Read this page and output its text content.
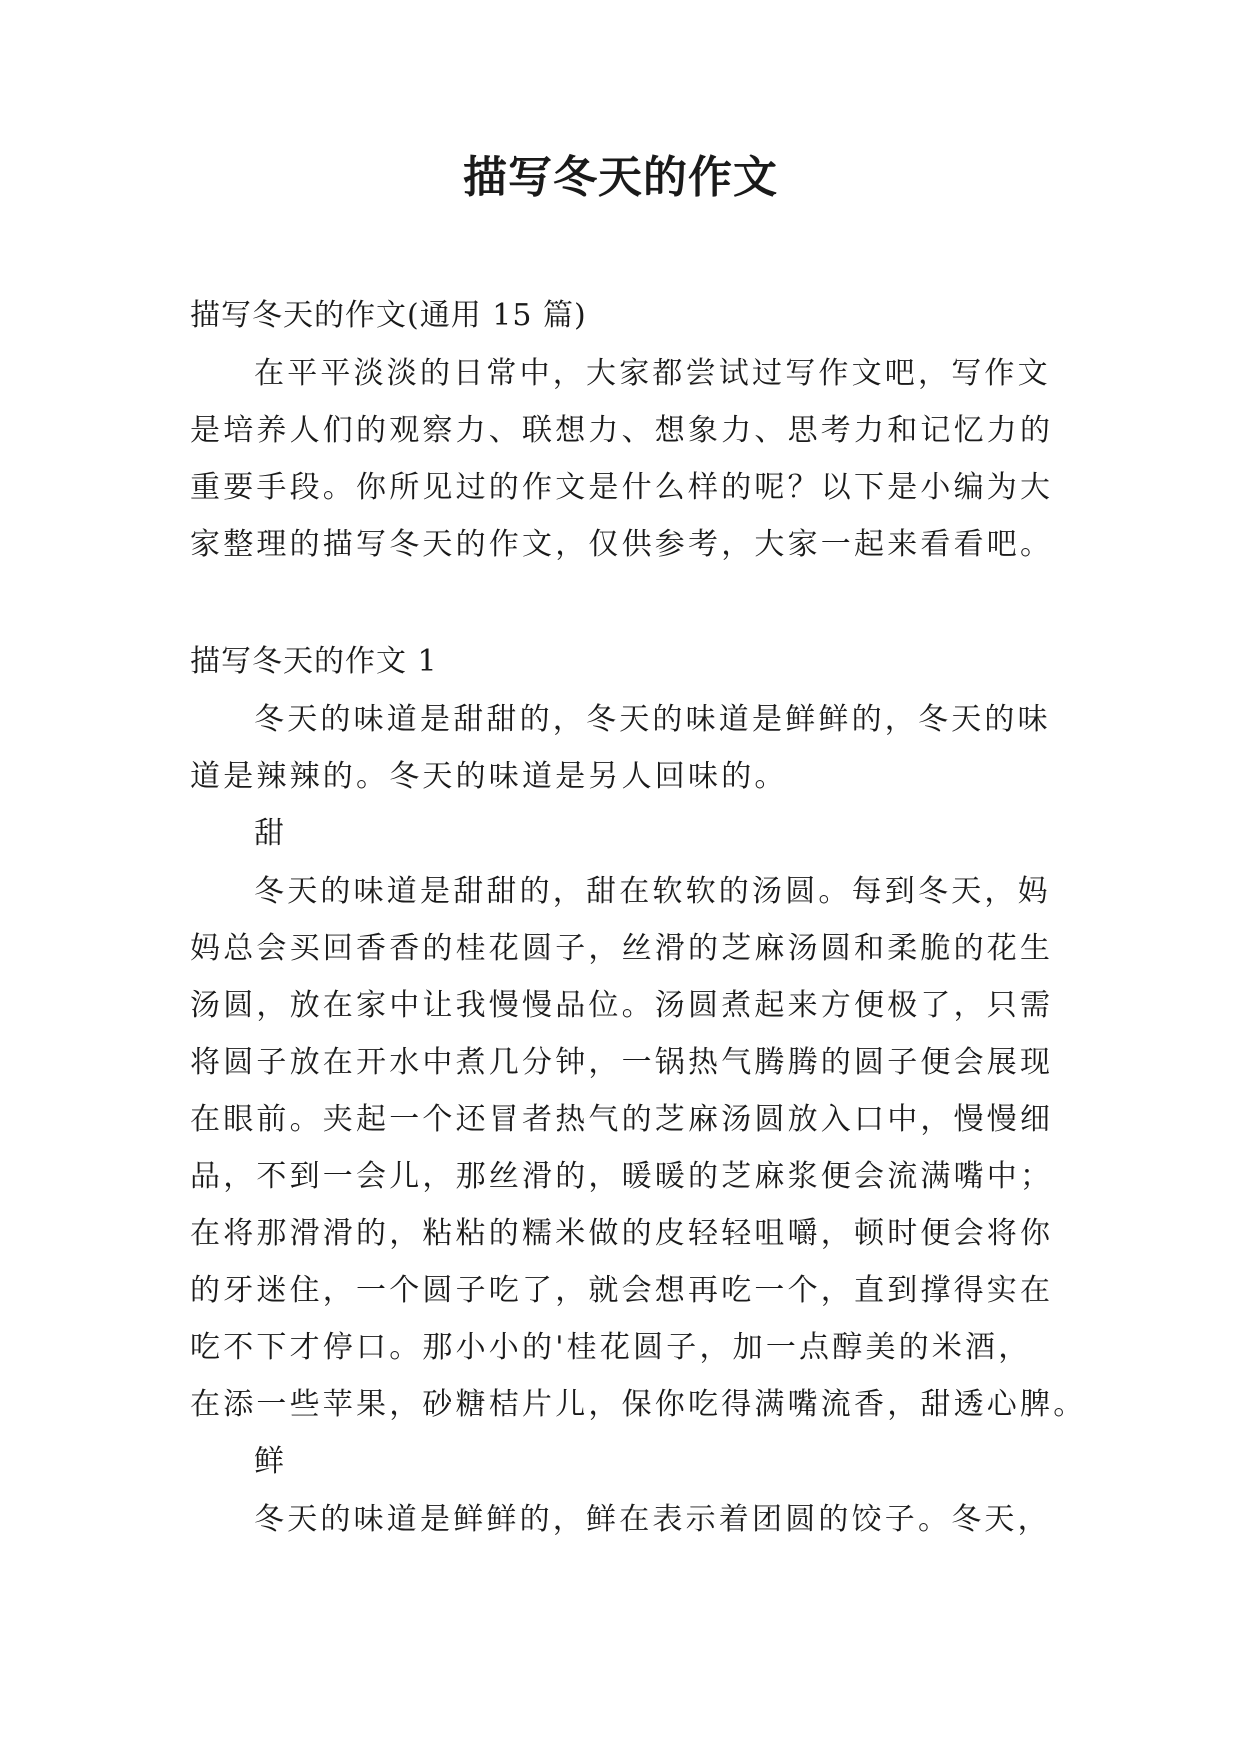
描写冬天的作文
描写冬天的作文(通用 15 篇)
在平平淡淡的日常中，大家都尝试过写作文吧，写作文
是培养人们的观察力、联想力、想象力、思考力和记忆力的
重要手段。你所见过的作文是什么样的呢？以下是小编为大
家整理的描写冬天的作文，仅供参考，大家一起来看看吧。
描写冬天的作文 1
冬天的味道是甜甜的，冬天的味道是鲜鲜的，冬天的味
道是辣辣的。冬天的味道是另人回味的。
甜
冬天的味道是甜甜的，甜在软软的汤圆。每到冬天，妈
妈总会买回香香的桂花圆子，丝滑的芝麻汤圆和柔脆的花生
汤圆，放在家中让我慢慢品位。汤圆煮起来方便极了，只需
将圆子放在开水中煮几分钟，一锅热气腾腾的圆子便会展现
在眼前。夹起一个还冒者热气的芝麻汤圆放入口中，慢慢细
品，不到一会儿，那丝滑的，暖暖的芝麻浆便会流满嘴中；
在将那滑滑的，粘粘的糯米做的皮轻轻咀嚼，顿时便会将你
的牙迷住，一个圆子吃了，就会想再吃一个，直到撑得实在
吃不下才停口。那小小的'桂花圆子，加一点醇美的米酒，
在添一些苹果，砂糖桔片儿，保你吃得满嘴流香，甜透心脾。
鲜
冬天的味道是鲜鲜的，鲜在表示着团圆的饺子。冬天，
